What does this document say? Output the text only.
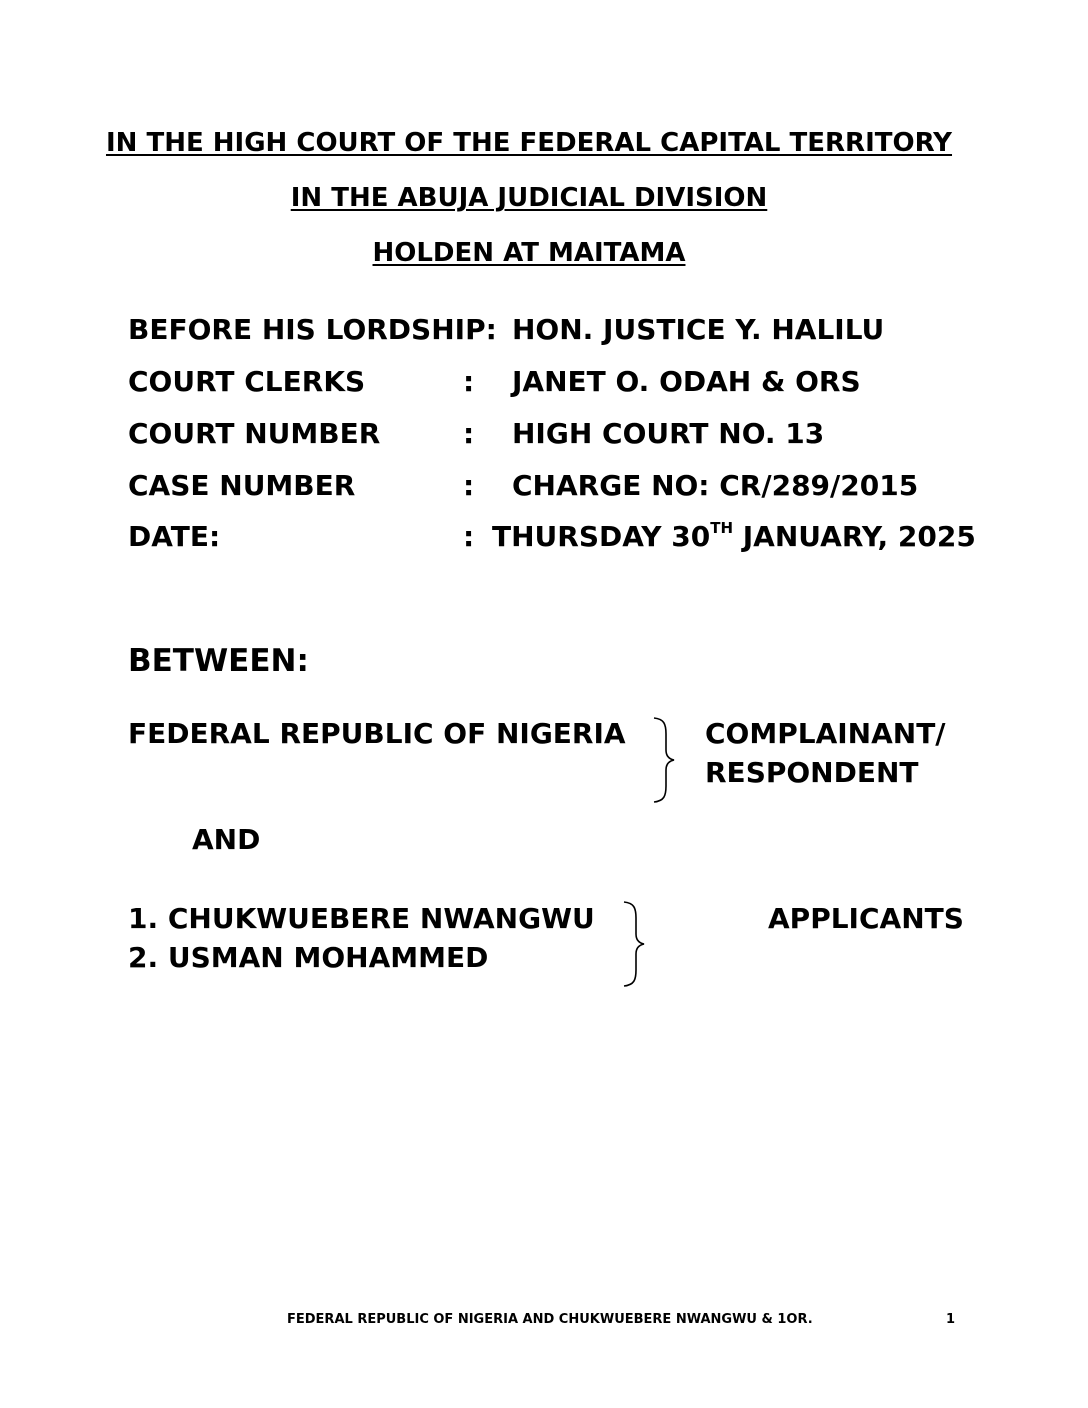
IN THE HIGH COURT OF THE FEDERAL CAPITAL TERRITORY
IN THE ABUJA JUDICIAL DIVISION
HOLDEN AT MAITAMA
BEFORE HIS LORDSHIP: HON. JUSTICE Y. HALILU
COURT CLERKS	: JANET O. ODAH & ORS
COURT NUMBER	: HIGH COURT NO. 13
CASE NUMBER	: CHARGE NO: CR/289/2015
DATE:	: THURSDAY 30TH JANUARY, 2025
BETWEEN:
FEDERAL REPUBLIC OF NIGERIA	COMPLAINANT/
RESPONDENT
AND
1. CHUKWUEBERE NWANGWU
2. USMAN MOHAMMED
APPLICANTS
FEDERAL REPUBLIC OF NIGERIA AND CHUKWUEBERE NWANGWU & 1OR.	1
